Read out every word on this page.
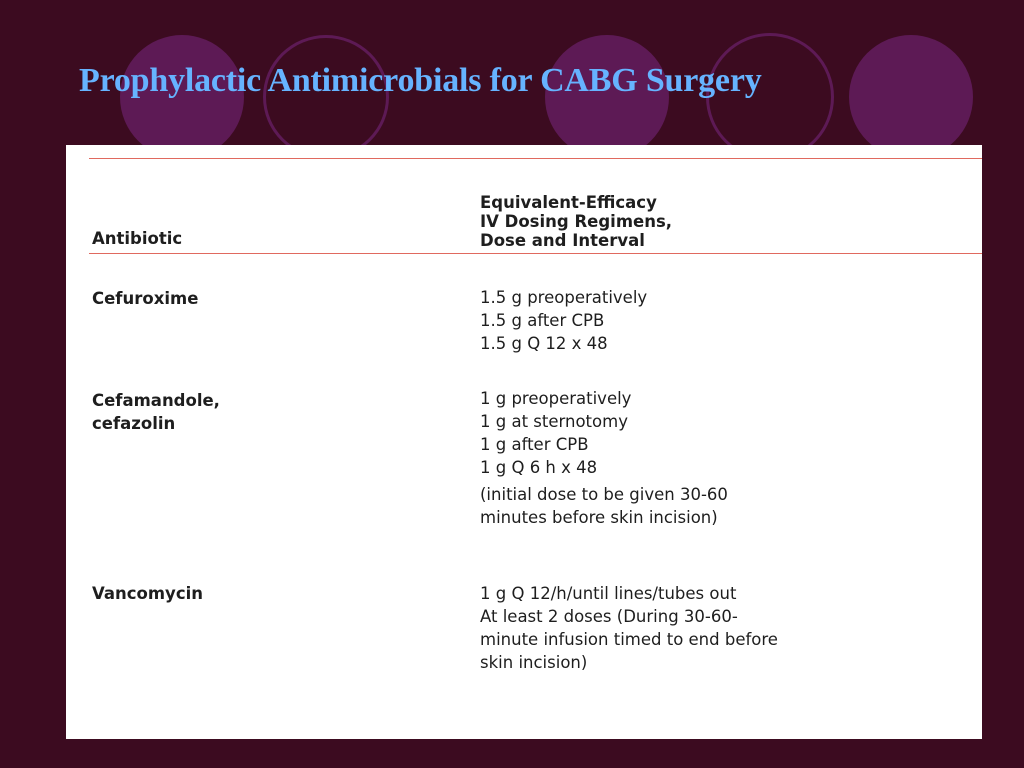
Prophylactic Antimicrobials for CABG Surgery
Antibiotic
Equivalent-Efficacy
IV Dosing Regimens,
Dose and Interval
Cefuroxime	1.5 g preoperatively
1.5 g after CPB
1.5 g Q 12 x 48
Cefamandole,
cefazolin
1 g preoperatively
1 g at sternotomy
1 g after CPB
1 g Q 6 h x 48
(initial dose to be given 30-60
minutes before skin incision)
Vancomycin	1 g Q 12/h/until lines/tubes out
At least 2 doses (During 30-60-
minute infusion timed to end before
skin incision)
